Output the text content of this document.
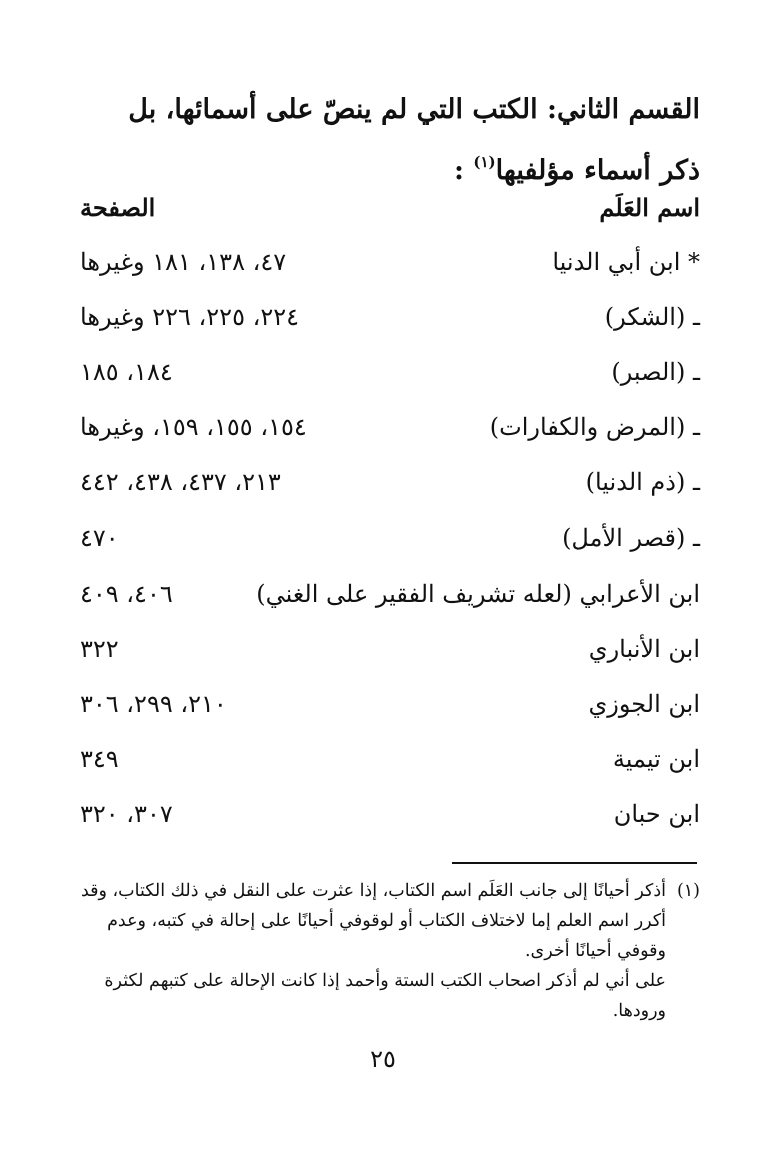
القسم الثاني: الكتب التي لم ينصّ على أسمائها، بل ذكر أسماء مؤلفيها$^{(١)}$ :
اسم العَلَم
الصفحة
* ابن أبي الدنيا
٤٧، ١٣٨، ١٨١ وغيرها
ـ (الشكر)
٢٢٤، ٢٢٥، ٢٢٦ وغيرها
ـ (الصبر)
١٨٤، ١٨٥
ـ (المرض والكفارات)
١٥٤، ١٥٥، ١٥٩، وغيرها
ـ (ذم الدنيا)
٢١٣، ٤٣٧، ٤٣٨، ٤٤٢
ـ (قصر الأمل)
٤٧٠
ابن الأعرابي (لعله تشريف الفقير على الغني)
٤٠٦، ٤٠٩
ابن الأنباري
٣٢٢
ابن الجوزي
٢١٠، ٢٩٩، ٣٠٦
ابن تيمية
٣٤٩
ابن حبان
٣٠٧، ٣٢٠
(١)
أذكر أحيانًا إلى جانب العَلَم اسم الكتاب، إذا عثرت على النقل في ذلك الكتاب، وقد أكرر اسم العلم إما لاختلاف الكتاب أو لوقوفي أحيانًا على إحالة في كتبه، وعدم وقوفي أحيانًا أخرى.
على أني لم أذكر اصحاب الكتب الستة وأحمد إذا كانت الإحالة على كتبهم لكثرة ورودها.
٢٥
